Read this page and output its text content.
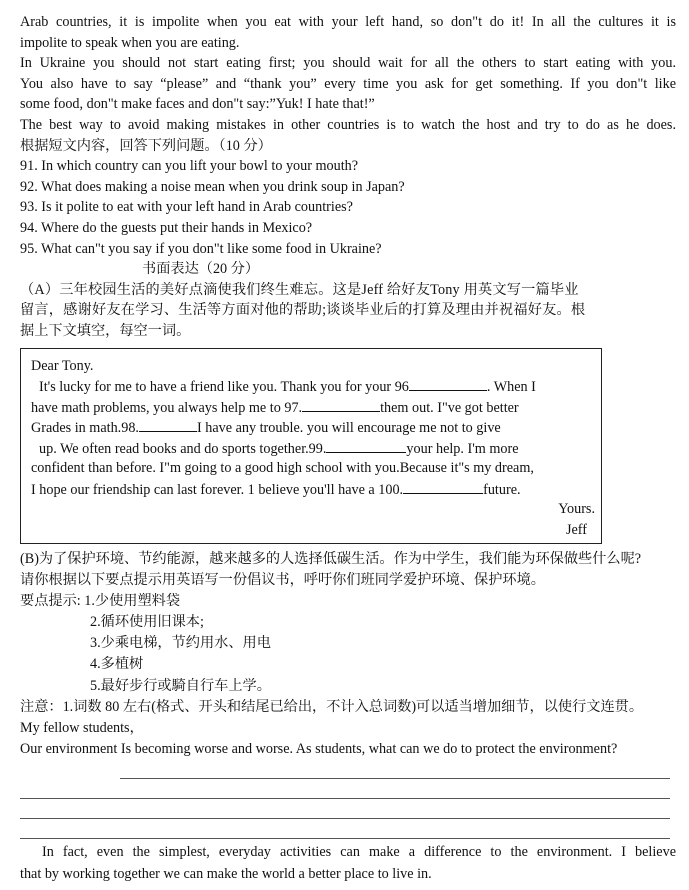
Arab countries, it is impolite when you eat with your left hand, so don"t do it! In all the cultures it is
impolite to speak when you are eating.
In Ukraine you should not start eating first; you should wait for all the others to start eating with you.
You also have to say “please” and “thank you” every time you ask for get something. If you don"t like
some food, don"t make faces and don"t say:”Yuk! I hate that!”
The best way to avoid making mistakes in other countries is to watch the host and try to do as he does.
根据短文内容，回答下列问题。（10 分）
91. In which country can you lift your bowl to your mouth?
92. What does making a noise mean when you drink soup in Japan?
93. Is it polite to eat with your left hand in Arab countries?
94. Where do the guests put their hands in Mexico?
95. What can"t you say if you don"t like some food in Ukraine?
书面表达（20 分）
（A）三年校园生活的美好点滴使我们终生难忘。这是Jeff 给好友Tony 用英文写一篇毕业
留言，感谢好友在学习、生活等方面对他的帮助;谈谈毕业后的打算及理由并祝福好友。根
据上下文填空，每空一词。
Dear Tony.
It's lucky for me to have a friend like you. Thank you for your 96	. When I
have math problems, you always help me to 97.	them out. I"ve got better
Grades in math.98.	I have any trouble. you will encourage me not to give
up. We often read books and do sports together.99.	your help. I'm more
confident than before. I"m going to a good high school with you.Because it"s my dream,
I hope our friendship can last forever. 1 believe you'll have a 100.	future.
Yours.
Jeff
(B)为了保护环境、节约能源，越来越多的人选择低碳生活。作为中学生，我们能为环保做些什么呢?
请你根据以下要点提示用英语写一份倡议书，呼吁你们班同学爱护环境、保护环境。
要点提示: 1.少使用塑料袋
2.循环使用旧课本;
3.少乘电梯，节约用水、用电
4.多植树
5.最好步行或騎自行车上学。
注意：1.词数 80 左右(格式、开头和结尾已给出，不计入总词数)可以适当增加细节，以使行文连贯。
My fellow students，
Our environment Is becoming worse and worse. As students, what can we do to protect the environment?
In fact, even the simplest, everyday activities can make a difference to the environment. I believe
that by working together we can make the world a better place to live in.
